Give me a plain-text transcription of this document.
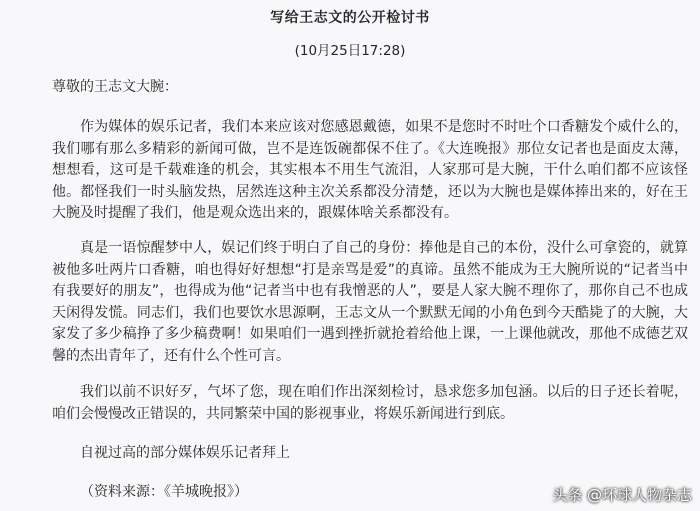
写给王志文的公开检讨书
(10月25日17:28)
尊敬的王志文大腕：
作为媒体的娱乐记者，我们本来应该对您感恩戴德，如果不是您时不时吐个口香糖发个威什么的，我们哪有那么多精彩的新闻可做，岂不是连饭碗都保不住了。《大连晚报》那位女记者也是面皮太薄，想想看，这可是千载难逢的机会，其实根本不用生气流泪，人家那可是大腕，干什么咱们都不应该怪他。都怪我们一时头脑发热，居然连这种主次关系都没分清楚，还以为大腕也是媒体捧出来的，好在王大腕及时提醒了我们，他是观众选出来的，跟媒体啥关系都没有。
真是一语惊醒梦中人，娱记们终于明白了自己的身份：捧他是自己的本份，没什么可拿瓷的，就算被他多吐两片口香糖，咱也得好好想想“打是亲骂是爱”的真谛。虽然不能成为王大腕所说的“记者当中有我要好的朋友”，也得成为他“记者当中也有我憎恶的人”，要是人家大腕不理你了，那你自己不也成天闲得发慌。同志们，我们也要饮水思源啊，王志文从一个默默无闻的小角色到今天酷毙了的大腕，大家发了多少稿挣了多少稿费啊！如果咱们一遇到挫折就抢着给他上课，一上课他就改，那他不成德艺双馨的杰出青年了，还有什么个性可言。
我们以前不识好歹，气坏了您，现在咱们作出深刻检讨，恳求您多加包涵。以后的日子还长着呢，咱们会慢慢改正错误的，共同繁荣中国的影视事业，将娱乐新闻进行到底。
自视过高的部分媒体娱乐记者拜上
（资料来源：《羊城晚报》）	头条 @环球人物杂志
